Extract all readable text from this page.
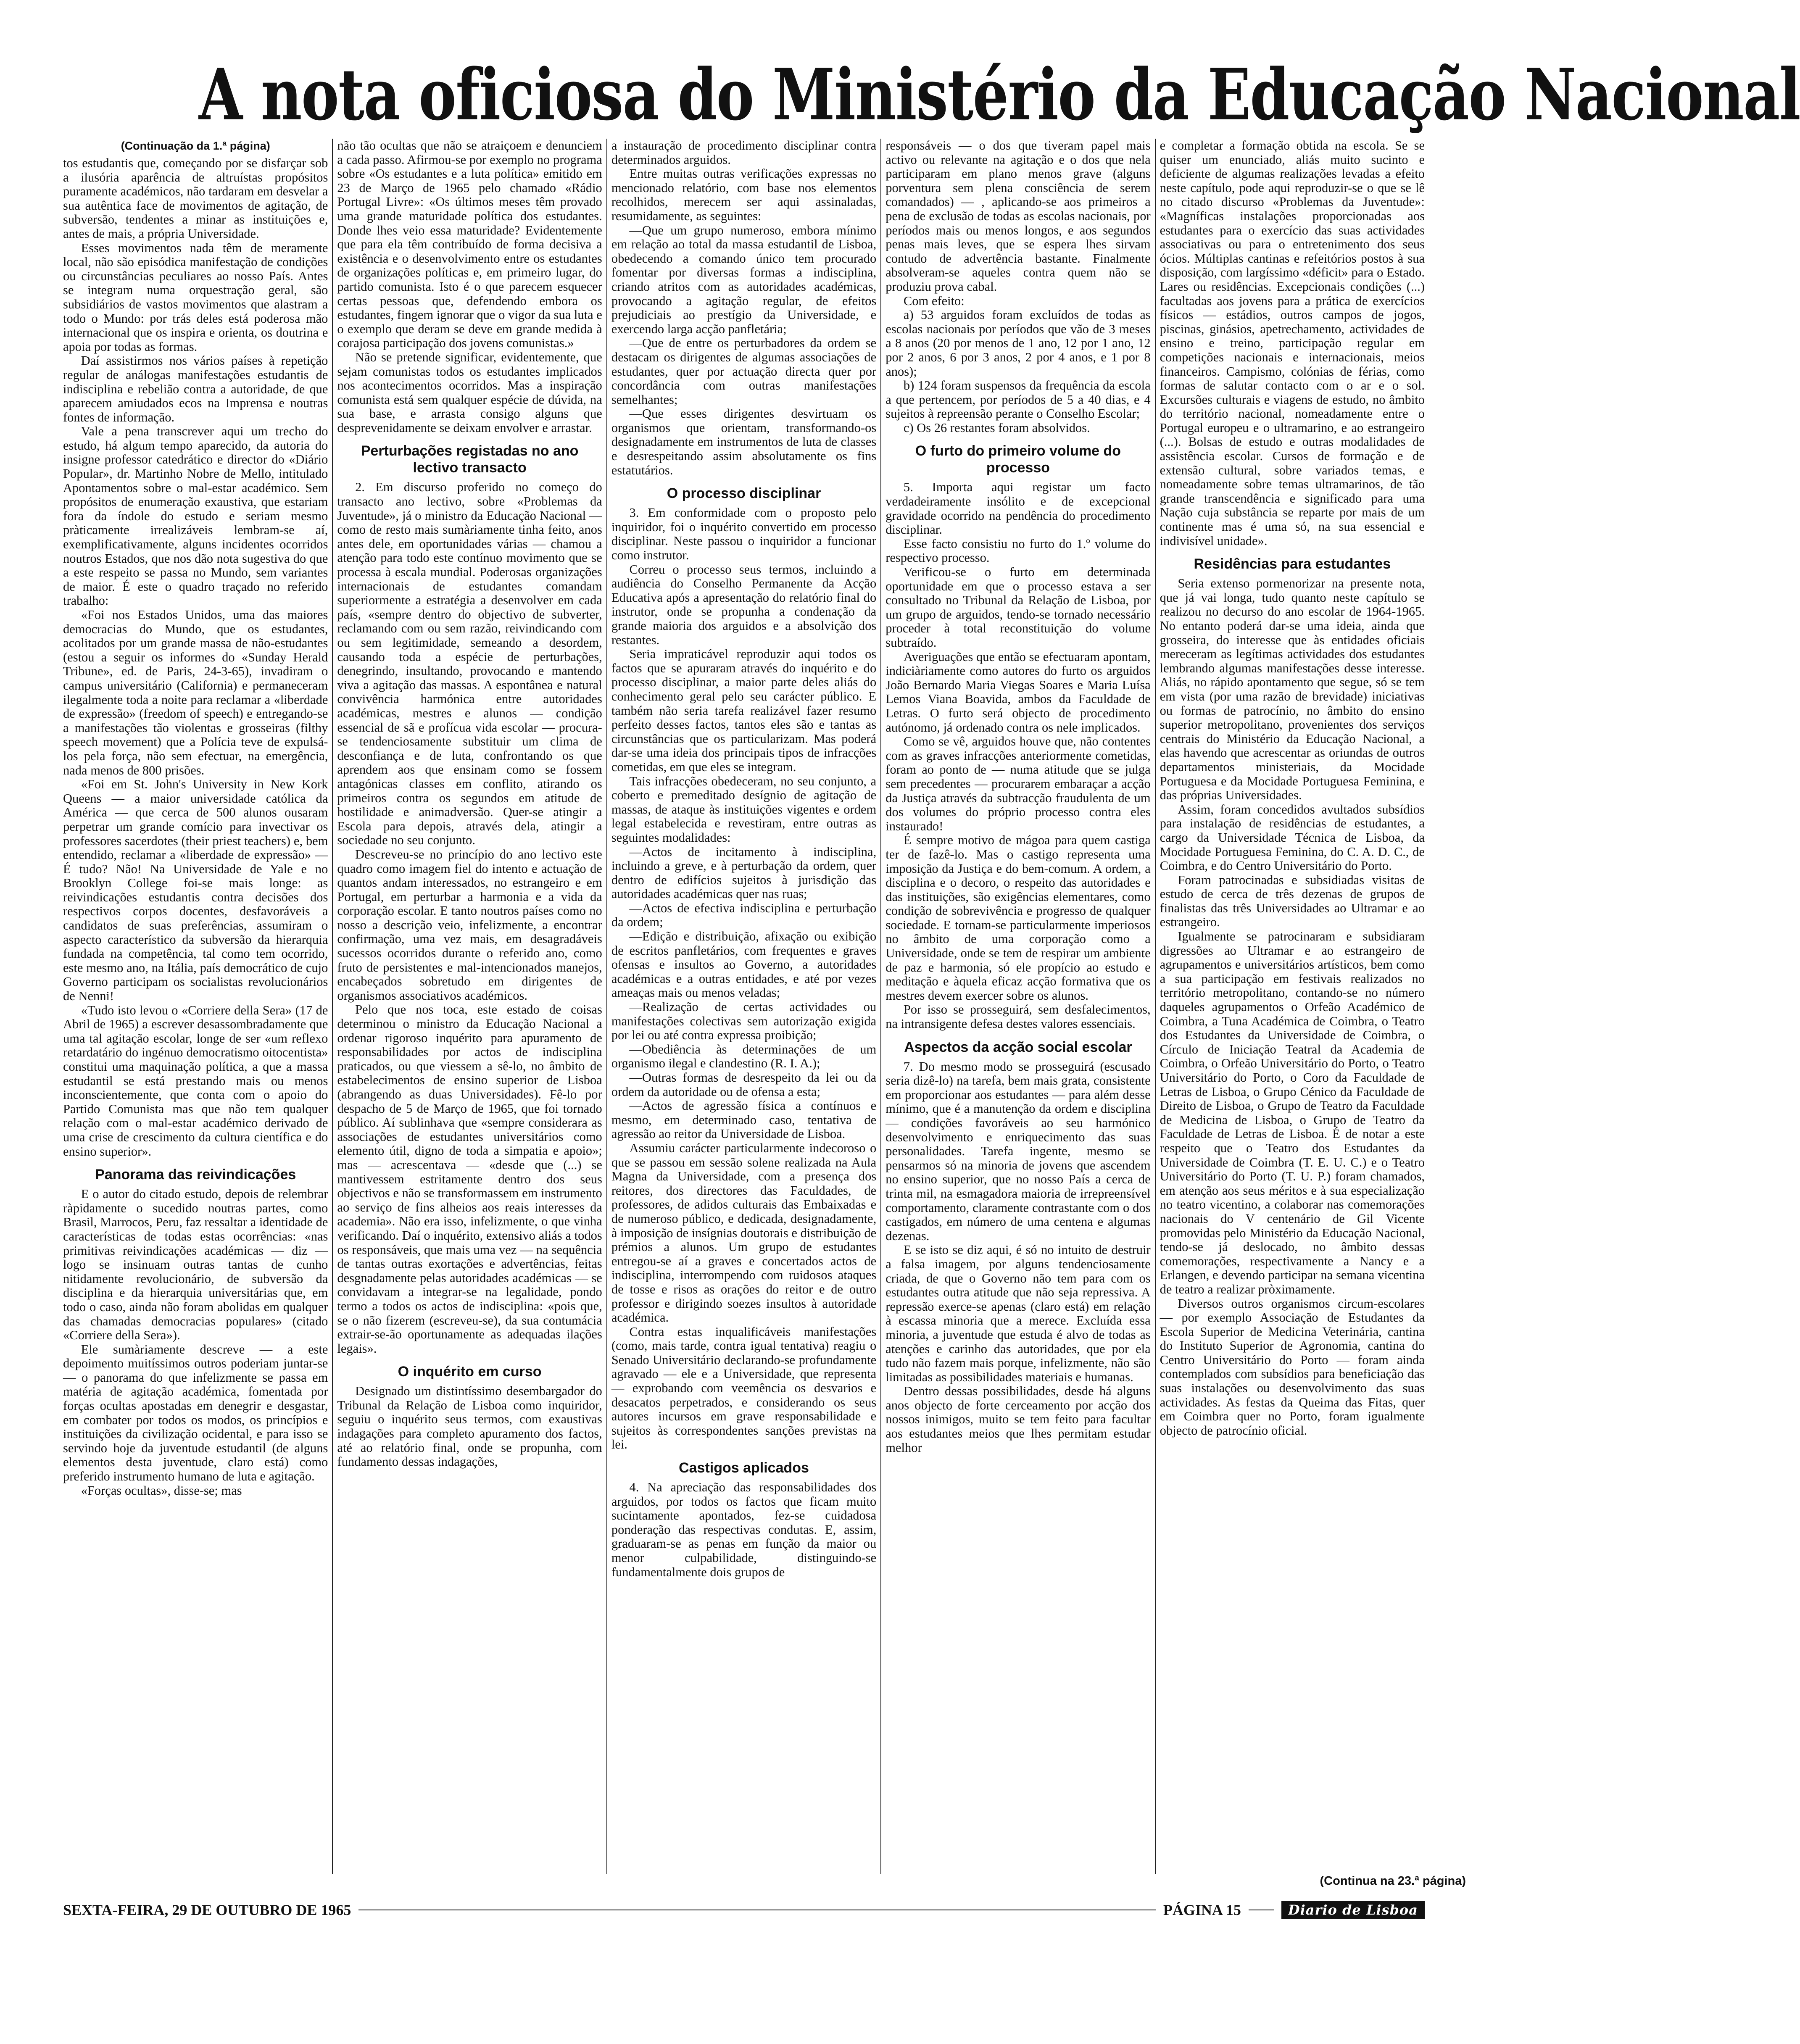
A nota oficiosa do Ministério da Educação Nacional
(Continuação da 1.ª página)

tos estudantis que, começando por se disfarçar sob a ilusória aparência de altruístas propósitos puramente académicos, não tardaram em desvelar a sua autêntica face de movimentos de agitação, de subversão, tendentes a minar as instituições e, antes de mais, a própria Universidade.

Esses movimentos nada têm de meramente local, não são episódica manifestação de condições ou circunstâncias peculiares ao nosso País. Antes se integram numa orquestração geral, são subsidiários de vastos movimentos que alastram a todo o Mundo: por trás deles está poderosa mão internacional que os inspira e orienta, os doutrina e apoia por todas as formas.

Daí assistirmos nos vários países à repetição regular de análogas manifestações estudantis de indisciplina e rebelião contra a autoridade, de que aparecem amiudados ecos na Imprensa e noutras fontes de informação.

Vale a pena transcrever aqui um trecho do estudo, há algum tempo aparecido, da autoria do insigne professor catedrático e director do «Diário Popular», dr. Martinho Nobre de Mello, intitulado Apontamentos sobre o mal-estar académico. Sem propósitos de enumeração exaustiva, que estariam fora da índole do estudo e seriam mesmo pràticamente irrealizáveis lembram-se aí, exemplificativamente, alguns incidentes ocorridos noutros Estados, que nos dão nota sugestiva do que a este respeito se passa no Mundo, sem variantes de maior. É este o quadro traçado no referido trabalho:

«Foi nos Estados Unidos, uma das maiores democracias do Mundo, que os estudantes, acolitados por um grande massa de não-estudantes (estou a seguir os informes do «Sunday Herald Tribune», ed. de Paris, 24-3-65), invadiram o campus universitário (California) e permaneceram ilegalmente toda a noite para reclamar a «liberdade de expressão» (freedom of speech) e entregando-se a manifestações tão violentas e grosseiras (filthy speech movement) que a Polícia teve de expulsá-los pela força, não sem efectuar, na emergência, nada menos de 800 prisões.

«Foi em St. John's University in New Kork Queens — a maior universidade católica da América — que cerca de 500 alunos ousaram perpetrar um grande comício para invectivar os professores sacerdotes (their priest teachers) e, bem entendido, reclamar a «liberdade de expressão» — É tudo? Não! Na Universidade de Yale e no Brooklyn College foi-se mais longe: as reivindicações estudantis contra decisões dos respectivos corpos docentes, desfavoráveis a candidatos de suas preferências, assumiram o aspecto característico da subversão da hierarquia fundada na competência, tal como tem ocorrido, este mesmo ano, na Itália, país democrático de cujo Governo participam os socialistas revolucionários de Nenni!

«Tudo isto levou o «Corriere della Sera» (17 de Abril de 1965) a escrever desassombradamente que uma tal agitação escolar, longe de ser «um reflexo retardatário do ingénuo democratismo oitocentista» constitui uma maquinação política, a que a massa estudantil se está prestando mais ou menos inconscientemente, que conta com o apoio do Partido Comunista mas que não tem qualquer relação com o mal-estar académico derivado de uma crise de crescimento da cultura científica e do ensino superior».

Panorama das reivindicações

E o autor do citado estudo, depois de relembrar ràpidamente o sucedido noutras partes, como Brasil, Marrocos, Peru, faz ressaltar a identidade de características de todas estas ocorrências: «nas primitivas reivindicações académicas — diz — logo se insinuam outras tantas de cunho nitidamente revolucionário, de subversão da disciplina e da hierarquia universitárias que, em todo o caso, ainda não foram abolidas em qualquer das chamadas democracias populares» (citado «Corriere della Sera»).

Ele sumàriamente descreve — a este depoimento muitíssimos outros poderiam juntar-se — o panorama do que infelizmente se passa em matéria de agitação académica, fomentada por forças ocultas apostadas em denegrir e desgastar, em combater por todos os modos, os princípios e instituições da civilização ocidental, e para isso se servindo hoje da juventude estudantil (de alguns elementos desta juventude, claro está) como preferido instrumento humano de luta e agitação.

«Forças ocultas», disse-se; mas

não tão ocultas que não se atraiçoem e denunciem a cada passo. Afirmou-se por exemplo no programa sobre «Os estudantes e a luta política» emitido em 23 de Março de 1965 pelo chamado «Rádio Portugal Livre»: «Os últimos meses têm provado uma grande maturidade política dos estudantes. Donde lhes veio essa maturidade? Evidentemente que para ela têm contribuído de forma decisiva a existência e o desenvolvimento entre os estudantes de organizações políticas e, em primeiro lugar, do partido comunista. Isto é o que parecem esquecer certas pessoas que, defendendo embora os estudantes, fingem ignorar que o vigor da sua luta e o exemplo que deram se deve em grande medida à corajosa participação dos jovens comunistas.»

Não se pretende significar, evidentemente, que sejam comunistas todos os estudantes implicados nos acontecimentos ocorridos. Mas a inspiração comunista está sem qualquer espécie de dúvida, na sua base, e arrasta consigo alguns que desprevenidamente se deixam envolver e arrastar.

Perturbações registadas no ano lectivo transacto

2. Em discurso proferido no começo do transacto ano lectivo, sobre «Problemas da Juventude», já o ministro da Educação Nacional — como de resto mais sumàriamente tinha feito, anos antes dele, em oportunidades várias — chamou a atenção para todo este contínuo movimento que se processa à escala mundial. Poderosas organizações internacionais de estudantes comandam superiormente a estratégia a desenvolver em cada país, «sempre dentro do objectivo de subverter, reclamando com ou sem razão, reivindicando com ou sem legitimidade, semeando a desordem, causando toda a espécie de perturbações, denegrindo, insultando, provocando e mantendo viva a agitação das massas. A espontânea e natural convivência harmónica entre autoridades académicas, mestres e alunos — condição essencial de sã e profícua vida escolar — procura-se tendenciosamente substituir um clima de desconfiança e de luta, confrontando os que aprendem aos que ensinam como se fossem antagónicas classes em conflito, atirando os primeiros contra os segundos em atitude de hostilidade e animadversão. Quer-se atingir a Escola para depois, através dela, atingir a sociedade no seu conjunto.

Descreveu-se no princípio do ano lectivo este quadro como imagem fiel do intento e actuação de quantos andam interessados, no estrangeiro e em Portugal, em perturbar a harmonia e a vida da corporação escolar. E tanto noutros países como no nosso a descrição veio, infelizmente, a encontrar confirmação, uma vez mais, em desagradáveis sucessos ocorridos durante o referido ano, como fruto de persistentes e mal-intencionados manejos, encabeçados sobretudo em dirigentes de organismos associativos académicos.

Pelo que nos toca, este estado de coisas determinou o ministro da Educação Nacional a ordenar rigoroso inquérito para apuramento de responsabilidades por actos de indisciplina praticados, ou que viessem a sê-lo, no âmbito de estabelecimentos de ensino superior de Lisboa (abrangendo as duas Universidades). Fê-lo por despacho de 5 de Março de 1965, que foi tornado público. Aí sublinhava que «sempre considerara as associações de estudantes universitários como elemento útil, digno de toda a simpatia e apoio»; mas — acrescentava — «desde que (...) se mantivessem estritamente dentro dos seus objectivos e não se transformassem em instrumento ao serviço de fins alheios aos reais interesses da academia». Não era isso, infelizmente, o que vinha verificando. Daí o inquérito, extensivo aliás a todos os responsáveis, que mais uma vez — na sequência de tantas outras exortações e advertências, feitas desgnadamente pelas autoridades académicas — se convidavam a integrar-se na legalidade, pondo termo a todos os actos de indisciplina: «pois que, se o não fizerem (escreveu-se), da sua contumácia extrair-se-ão oportunamente as adequadas ilações legais».

O inquérito em curso

Designado um distintíssimo desembargador do Tribunal da Relação de Lisboa como inquiridor, seguiu o inquérito seus termos, com exaustivas indagações para completo apuramento dos factos, até ao relatório final, onde se propunha, com fundamento dessas indagações,

a instauração de procedimento disciplinar contra determinados arguidos.

Entre muitas outras verificações expressas no mencionado relatório, com base nos elementos recolhidos, merecem ser aqui assinaladas, resumidamente, as seguintes:

—Que um grupo numeroso, embora mínimo em relação ao total da massa estudantil de Lisboa, obedecendo a comando único tem procurado fomentar por diversas formas a indisciplina, criando atritos com as autoridades académicas, provocando a agitação regular, de efeitos prejudiciais ao prestígio da Universidade, e exercendo larga acção panfletária;

—Que de entre os perturbadores da ordem se destacam os dirigentes de algumas associações de estudantes, quer por actuação directa quer por concordância com outras manifestações semelhantes;

—Que esses dirigentes desvirtuam os organismos que orientam, transformando-os designadamente em instrumentos de luta de classes e desrespeitando assim absolutamente os fins estatutários.

O processo disciplinar

3. Em conformidade com o proposto pelo inquiridor, foi o inquérito convertido em processo disciplinar. Neste passou o inquiridor a funcionar como instrutor.

Correu o processo seus termos, incluindo a audiência do Conselho Permanente da Acção Educativa após a apresentação do relatório final do instrutor, onde se propunha a condenação da grande maioria dos arguidos e a absolvição dos restantes.

Seria impraticável reproduzir aqui todos os factos que se apuraram através do inquérito e do processo disciplinar, a maior parte deles aliás do conhecimento geral pelo seu carácter público. E também não seria tarefa realizável fazer resumo perfeito desses factos, tantos eles são e tantas as circunstâncias que os particularizam. Mas poderá dar-se uma ideia dos principais tipos de infracções cometidas, em que eles se integram.

Tais infracções obedeceram, no seu conjunto, a coberto e premeditado desígnio de agitação de massas, de ataque às instituições vigentes e ordem legal estabelecida e revestiram, entre outras as seguintes modalidades:

—Actos de incitamento à indisciplina, incluindo a greve, e à perturbação da ordem, quer dentro de edifícios sujeitos à jurisdição das autoridades académicas quer nas ruas;

—Actos de efectiva indisciplina e perturbação da ordem;

—Edição e distribuição, afixação ou exibição de escritos panfletários, com frequentes e graves ofensas e insultos ao Governo, a autoridades académicas e a outras entidades, e até por vezes ameaças mais ou menos veladas;

—Realização de certas actividades ou manifestações colectivas sem autorização exigida por lei ou até contra expressa proibição;

—Obediência às determinações de um organismo ilegal e clandestino (R. I. A.);

—Outras formas de desrespeito da lei ou da ordem da autoridade ou de ofensa a esta;

—Actos de agressão física a contínuos e mesmo, em determinado caso, tentativa de agressão ao reitor da Universidade de Lisboa.

Assumiu carácter particularmente indecoroso o que se passou em sessão solene realizada na Aula Magna da Universidade, com a presença dos reitores, dos directores das Faculdades, de professores, de adidos culturais das Embaixadas e de numeroso público, e dedicada, designadamente, à imposição de insígnias doutorais e distribuição de prémios a alunos. Um grupo de estudantes entregou-se aí a graves e concertados actos de indisciplina, interrompendo com ruidosos ataques de tosse e risos as orações do reitor e de outro professor e dirigindo soezes insultos à autoridade académica.

Contra estas inqualificáveis manifestações (como, mais tarde, contra igual tentativa) reagiu o Senado Universitário declarando-se profundamente agravado — ele e a Universidade, que representa — exprobando com veemência os desvarios e desacatos perpetrados, e considerando os seus autores incursos em grave responsabilidade e sujeitos às correspondentes sanções previstas na lei.

Castigos aplicados

4. Na apreciação das responsabilidades dos arguidos, por todos os factos que ficam muito sucintamente apontados, fez-se cuidadosa ponderação das respectivas condutas. E, assim, graduaram-se as penas em função da maior ou menor culpabilidade, distinguindo-se fundamentalmente dois grupos de

responsáveis — o dos que tiveram papel mais activo ou relevante na agitação e o dos que nela participaram em plano menos grave (alguns porventura sem plena consciência de serem comandados) — , aplicando-se aos primeiros a pena de exclusão de todas as escolas nacionais, por períodos mais ou menos longos, e aos segundos penas mais leves, que se espera lhes sirvam contudo de advertência bastante. Finalmente absolveram-se aqueles contra quem não se produziu prova cabal.

Com efeito:

a) 53 arguidos foram excluídos de todas as escolas nacionais por períodos que vão de 3 meses a 8 anos (20 por menos de 1 ano, 12 por 1 ano, 12 por 2 anos, 6 por 3 anos, 2 por 4 anos, e 1 por 8 anos);

b) 124 foram suspensos da frequência da escola a que pertencem, por períodos de 5 a 40 dias, e 4 sujeitos à repreensão perante o Conselho Escolar;

c) Os 26 restantes foram absolvidos.

O furto do primeiro volume do processo

5. Importa aqui registar um facto verdadeiramente insólito e de excepcional gravidade ocorrido na pendência do procedimento disciplinar.

Esse facto consistiu no furto do 1.º volume do respectivo processo.

Verificou-se o furto em determinada oportunidade em que o processo estava a ser consultado no Tribunal da Relação de Lisboa, por um grupo de arguidos, tendo-se tornado necessário proceder à total reconstituição do volume subtraído.

Averiguações que então se efectuaram apontam, indiciàriamente como autores do furto os arguidos João Bernardo Maria Viegas Soares e Maria Luísa Lemos Viana Boavida, ambos da Faculdade de Letras. O furto será objecto de procedimento autónomo, já ordenado contra os nele implicados.

Como se vê, arguidos houve que, não contentes com as graves infracções anteriormente cometidas, foram ao ponto de — numa atitude que se julga sem precedentes — procurarem embaraçar a acção da Justiça através da subtracção fraudulenta de um dos volumes do próprio processo contra eles instaurado!

É sempre motivo de mágoa para quem castiga ter de fazê-lo. Mas o castigo representa uma imposição da Justiça e do bem-comum. A ordem, a disciplina e o decoro, o respeito das autoridades e das instituições, são exigências elementares, como condição de sobrevivência e progresso de qualquer sociedade. E tornam-se particularmente imperiosos no âmbito de uma corporação como a Universidade, onde se tem de respirar um ambiente de paz e harmonia, só ele propício ao estudo e meditação e àquela eficaz acção formativa que os mestres devem exercer sobre os alunos.

Por isso se prosseguirá, sem desfalecimentos, na intransigente defesa destes valores essenciais.

Aspectos da acção social escolar

7. Do mesmo modo se prosseguirá (escusado seria dizê-lo) na tarefa, bem mais grata, consistente em proporcionar aos estudantes — para além desse mínimo, que é a manutenção da ordem e disciplina — condições favoráveis ao seu harmónico desenvolvimento e enriquecimento das suas personalidades. Tarefa ingente, mesmo se pensarmos só na minoria de jovens que ascendem no ensino superior, que no nosso País a cerca de trinta mil, na esmagadora maioria de irrepreensível comportamento, claramente contrastante com o dos castigados, em número de uma centena e algumas dezenas.

E se isto se diz aqui, é só no intuito de destruir a falsa imagem, por alguns tendenciosamente criada, de que o Governo não tem para com os estudantes outra atitude que não seja repressiva. A repressão exerce-se apenas (claro está) em relação à escassa minoria que a merece. Excluída essa minoria, a juventude que estuda é alvo de todas as atenções e carinho das autoridades, que por ela tudo não fazem mais porque, infelizmente, não são limitadas as possibilidades materiais e humanas.

Dentro dessas possibilidades, desde há alguns anos objecto de forte cerceamento por acção dos nossos inimigos, muito se tem feito para facultar aos estudantes meios que lhes permitam estudar melhor

e completar a formação obtida na escola. Se se quiser um enunciado, aliás muito sucinto e deficiente de algumas realizações levadas a efeito neste capítulo, pode aqui reproduzir-se o que se lê no citado discurso «Problemas da Juventude»: «Magníficas instalações proporcionadas aos estudantes para o exercício das suas actividades associativas ou para o entretenimento dos seus ócios. Múltiplas cantinas e refeitórios postos à sua disposição, com largíssimo «déficit» para o Estado. Lares ou residências. Excepcionais condições (...) facultadas aos jovens para a prática de exercícios físicos — estádios, outros campos de jogos, piscinas, ginásios, apetrechamento, actividades de ensino e treino, participação regular em competições nacionais e internacionais, meios financeiros. Campismo, colónias de férias, como formas de salutar contacto com o ar e o sol. Excursões culturais e viagens de estudo, no âmbito do território nacional, nomeadamente entre o Portugal europeu e o ultramarino, e ao estrangeiro (...). Bolsas de estudo e outras modalidades de assistência escolar. Cursos de formação e de extensão cultural, sobre variados temas, e nomeadamente sobre temas ultramarinos, de tão grande transcendência e significado para uma Nação cuja substância se reparte por mais de um continente mas é uma só, na sua essencial e indivisível unidade».

Residências para estudantes

Seria extenso pormenorizar na presente nota, que já vai longa, tudo quanto neste capítulo se realizou no decurso do ano escolar de 1964-1965. No entanto poderá dar-se uma ideia, ainda que grosseira, do interesse que às entidades oficiais mereceram as legítimas actividades dos estudantes lembrando algumas manifestações desse interesse. Aliás, no rápido apontamento que segue, só se tem em vista (por uma razão de brevidade) iniciativas ou formas de patrocínio, no âmbito do ensino superior metropolitano, provenientes dos serviços centrais do Ministério da Educação Nacional, a elas havendo que acrescentar as oriundas de outros departamentos ministeriais, da Mocidade Portuguesa e da Mocidade Portuguesa Feminina, e das próprias Universidades.

Assim, foram concedidos avultados subsídios para instalação de residências de estudantes, a cargo da Universidade Técnica de Lisboa, da Mocidade Portuguesa Feminina, do C. A. D. C., de Coimbra, e do Centro Universitário do Porto.

Foram patrocinadas e subsidiadas visitas de estudo de cerca de três dezenas de grupos de finalistas das três Universidades ao Ultramar e ao estrangeiro.

Igualmente se patrocinaram e subsidiaram digressões ao Ultramar e ao estrangeiro de agrupamentos e universitários artísticos, bem como a sua participação em festivais realizados no território metropolitano, contando-se no número daqueles agrupamentos o Orfeão Académico de Coimbra, a Tuna Académica de Coimbra, o Teatro dos Estudantes da Universidade de Coimbra, o Círculo de Iniciação Teatral da Academia de Coimbra, o Orfeão Universitário do Porto, o Teatro Universitário do Porto, o Coro da Faculdade de Letras de Lisboa, o Grupo Cénico da Faculdade de Direito de Lisboa, o Grupo de Teatro da Faculdade de Medicina de Lisboa, o Grupo de Teatro da Faculdade de Letras de Lisboa. É de notar a este respeito que o Teatro dos Estudantes da Universidade de Coimbra (T. E. U. C.) e o Teatro Universitário do Porto (T. U. P.) foram chamados, em atenção aos seus méritos e à sua especialização no teatro vicentino, a colaborar nas comemorações nacionais do V centenário de Gil Vicente promovidas pelo Ministério da Educação Nacional, tendo-se já deslocado, no âmbito dessas comemorações, respectivamente a Nancy e a Erlangen, e devendo participar na semana vicentina de teatro a realizar pròximamente.

Diversos outros organismos circum-escolares — por exemplo Associação de Estudantes da Escola Superior de Medicina Veterinária, cantina do Instituto Superior de Agronomia, cantina do Centro Universitário do Porto — foram ainda contemplados com subsídios para beneficiação das suas instalações ou desenvolvimento das suas actividades. As festas da Queima das Fitas, quer em Coimbra quer no Porto, foram igualmente objecto de patrocínio oficial.

(Continua na 23.ª página)
SEXTA-FEIRA, 29 DE OUTUBRO DE 1965	PÁGINA 15	Diario de Lisboa
